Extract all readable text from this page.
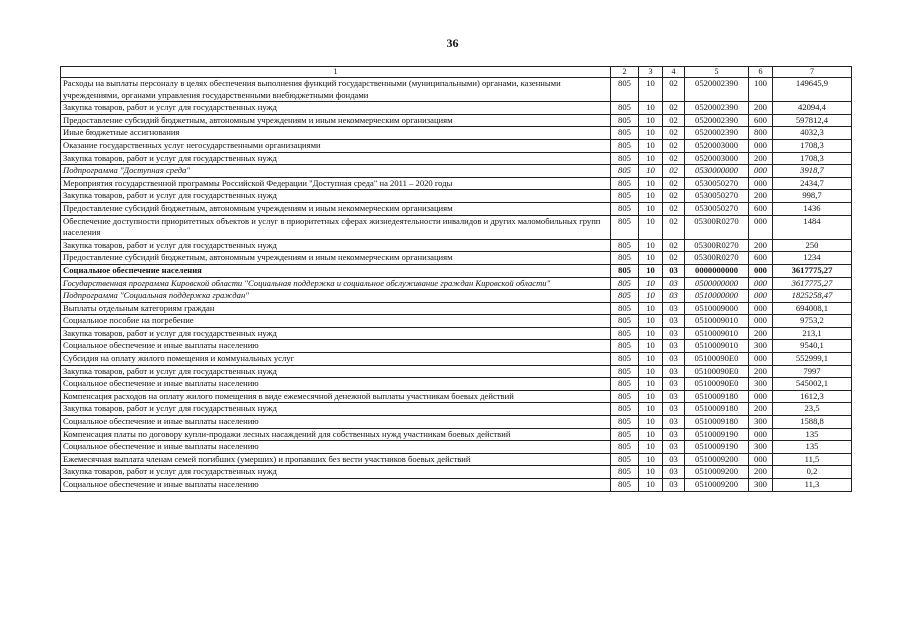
36
1	2	3	4	5	6	7
Расходы на выплаты персоналу в целях обеспечения выполнения функций государственными (муниципальными) органами, казенными учреждениями, органами управления государственными внебюджетными фондами	805	10	02	0520002390	100	149645,9
Закупка товаров, работ и услуг для государственных нужд	805	10	02	0520002390	200	42094,4
Предоставление субсидий бюджетным, автономным учреждениям и иным некоммерческим организациям	805	10	02	0520002390	600	597812,4
Иные бюджетные ассигнования	805	10	02	0520002390	800	4032,3
Оказание государственных услуг негосударственными организациями	805	10	02	0520003000	000	1708,3
Закупка товаров, работ и услуг для государственных нужд	805	10	02	0520003000	200	1708,3
Подпрограмма "Доступная среда"	805	10	02	0530000000	000	3918,7
Мероприятия государственной программы Российской Федерации "Доступная среда" на 2011 – 2020 годы	805	10	02	0530050270	000	2434,7
Закупка товаров, работ и услуг для государственных нужд	805	10	02	0530050270	200	998,7
Предоставление субсидий бюджетным, автономным учреждениям и иным некоммерческим организациям	805	10	02	0530050270	600	1436
Обеспечение доступности приоритетных объектов и услуг в приоритетных сферах жизнедеятельности инвалидов и других маломобильных групп населения	805	10	02	05300R0270	000	1484
Закупка товаров, работ и услуг для государственных нужд	805	10	02	05300R0270	200	250
Предоставление субсидий бюджетным, автономным учреждениям и иным некоммерческим организациям	805	10	02	05300R0270	600	1234
Социальное обеспечение населения	805	10	03	0000000000	000	3617775,27
Государственная программа Кировской области "Социальная поддержка и социальное обслуживание граждан Кировской области"	805	10	03	0500000000	000	3617775,27
Подпрограмма "Социальная поддержка граждан"	805	10	03	0510000000	000	1825258,47
Выплаты отдельным категориям граждан	805	10	03	0510009000	000	694008,1
Социальное пособие на погребение	805	10	03	0510009010	000	9753,2
Закупка товаров, работ и услуг для государственных нужд	805	10	03	0510009010	200	213,1
Социальное обеспечение и иные выплаты населению	805	10	03	0510009010	300	9540,1
Субсидия на оплату жилого помещения и коммунальных услуг	805	10	03	05100090Е0	000	552999,1
Закупка товаров, работ и услуг для государственных нужд	805	10	03	05100090Е0	200	7997
Социальное обеспечение и иные выплаты населению	805	10	03	05100090Е0	300	545002,1
Компенсация расходов на оплату жилого помещения в виде ежемесячной денежной выплаты участникам боевых действий	805	10	03	0510009180	000	1612,3
Закупка товаров, работ и услуг для государственных нужд	805	10	03	0510009180	200	23,5
Социальное обеспечение и иные выплаты населению	805	10	03	0510009180	300	1588,8
Компенсация платы по договору купли-продажи лесных насаждений для собственных нужд участникам боевых действий	805	10	03	0510009190	000	135
Социальное обеспечение и иные выплаты населению	805	10	03	0510009190	300	135
Ежемесячная выплата членам семей погибших (умерших) и пропавших без вести участников боевых действий	805	10	03	0510009200	000	11,5
Закупка товаров, работ и услуг для государственных нужд	805	10	03	0510009200	200	0,2
Социальное обеспечение и иные выплаты населению	805	10	03	0510009200	300	11,3
